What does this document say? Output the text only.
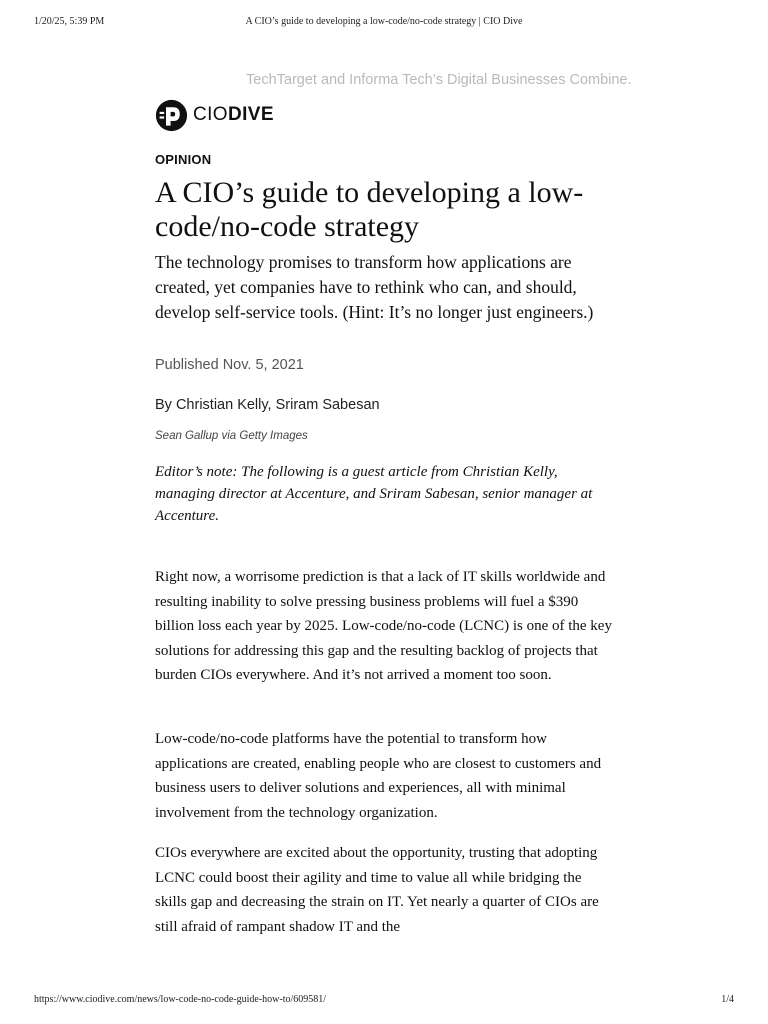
1/20/25, 5:39 PM	A CIO’s guide to developing a low-code/no-code strategy | CIO Dive
TechTarget and Informa Tech’s Digital Businesses Combine.
CIODIVE
OPINION
A CIO’s guide to developing a low-code/no-code strategy

The technology promises to transform how applications are created, yet companies have to rethink who can, and should, develop self-service tools. (Hint: It’s no longer just engineers.)

Published Nov. 5, 2021
By Christian Kelly, Sriram Sabesan
Sean Gallup via Getty Images

Editor’s note: The following is a guest article from Christian Kelly, managing director at Accenture, and Sriram Sabesan, senior manager at Accenture.

Right now, a worrisome prediction is that a lack of IT skills worldwide and resulting inability to solve pressing business problems will fuel a $390 billion loss each year by 2025. Low-code/no-code (LCNC) is one of the key solutions for addressing this gap and the resulting backlog of projects that burden CIOs everywhere. And it’s not arrived a moment too soon.

Low-code/no-code platforms have the potential to transform how applications are created, enabling people who are closest to customers and business users to deliver solutions and experiences, all with minimal involvement from the technology organization.

CIOs everywhere are excited about the opportunity, trusting that adopting LCNC could boost their agility and time to value all while bridging the skills gap and decreasing the strain on IT. Yet nearly a quarter of CIOs are still afraid of rampant shadow IT and the

https://www.ciodive.com/news/low-code-no-code-guide-how-to/609581/	1/4
